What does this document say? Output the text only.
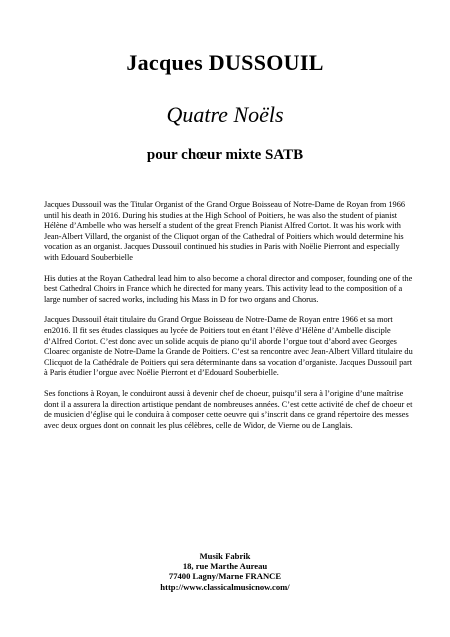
Jacques DUSSOUIL
Quatre Noëls
pour chœur mixte SATB

Jacques Dussouil was the Titular Organist of the Grand Orgue Boisseau of Notre-Dame de Royan from 1966 until his death in 2016. During his studies at the High School of Poitiers, he was also the student of pianist Hélène d’Ambelle who was herself a student of the great French Pianist Alfred Cortot. It was his work with Jean-Albert Villard, the organist of the Cliquot organ of the Cathedral of Poitiers which would determine his vocation as an organist. Jacques Dussouil continued his studies in Paris with Noëlie Pierront and especially with Edouard Souberbielle

His duties at the Royan Cathedral lead him to also become a choral director and composer, founding one of the best Cathedral Choirs in France which he directed for many years. This activity lead to the composition of a large number of sacred works, including his Mass in D for two organs and Chorus.

Jacques Dussouil était titulaire du Grand Orgue Boisseau de Notre-Dame de Royan entre 1966 et sa mort en2016. Il fit ses études classiques au lycée de Poitiers tout en étant l’élève d’Hélène d’Ambelle disciple d’Alfred Cortot. C’est donc avec un solide acquis de piano qu’il aborde l’orgue tout d’abord avec Georges Cloarec organiste de Notre-Dame la Grande de Poitiers. C’est sa rencontre avec Jean-Albert Villard titulaire du Clicquot de la Cathédrale de Poitiers qui sera déterminante dans sa vocation d’organiste. Jacques Dussouil part à Paris étudier l’orgue avec Noëlie Pierront et d’Edouard Souberbielle.

Ses fonctions à Royan, le conduiront aussi à devenir chef de choeur, puisqu’il sera à l’origine d’une maîtrise dont il a assurera la direction artistique pendant de nombreuses années. C’est cette activité de chef de choeur et de musicien d’église qui le conduira à composer cette oeuvre qui s’inscrit dans ce grand répertoire des messes avec deux orgues dont on connait les plus célèbres, celle de Widor, de Vierne ou de Langlais.

Musik Fabrik
18, rue Marthe Aureau
77400 Lagny/Marne FRANCE
http://www.classicalmusicnow.com/
